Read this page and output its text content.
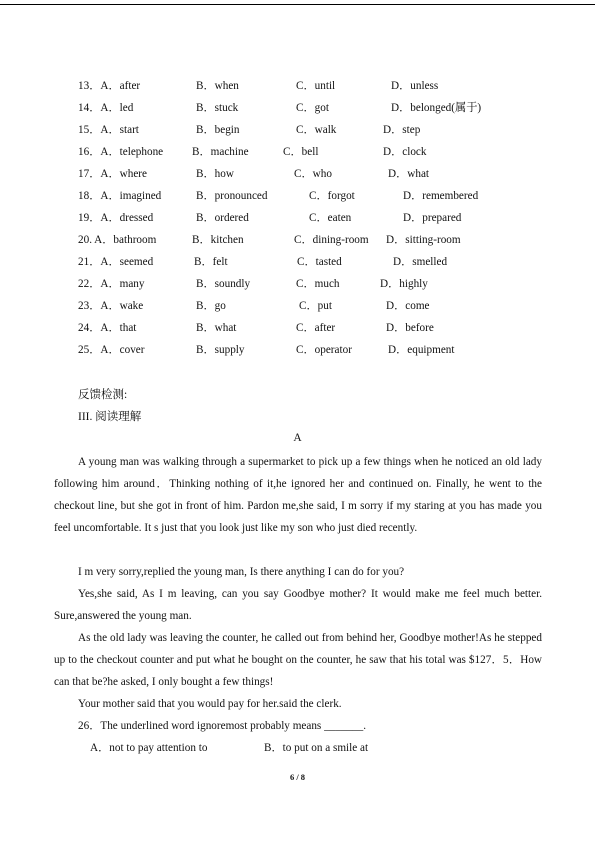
13．A．after	B．when	C．until	D．unless
14．A．led	B．stuck	C．got	D．belonged(属于)
15．A．start	B．begin	C．walk	D．step
16．A．telephone	B．machine	C．bell	D．clock
17．A．where	B．how	C．who	D．what
18．A．imagined	B．pronounced	C．forgot	D．remembered
19．A．dressed	B．ordered	C．eaten	D．prepared
20. A．bathroom	B．kitchen	C．dining-room D．sitting-room
21．A．seemed	B．felt	C．tasted	D．smelled
22．A．many	B．soundly	C．much	D．highly
23．A．wake	B．go	C．put	D．come
24．A．that	B．what	C．after	D．before
25．A．cover	B．supply	C．operator	D．equipment
反馈检测:
III. 阅读理解
A

A young man was walking through a supermarket to pick up a few things when he noticed an old lady following him around．Thinking nothing of it,he ignored her and continued on. Finally, he went to the checkout line, but she got in front of him. Pardon me,she said, I m sorry if my staring at you has made you feel uncomfortable. It s just that you look just like my son who just died recently.

I m very sorry,replied the young man, Is there anything I can do for you?

Yes,she said, As I m leaving, can you say Goodbye mother? It would make me feel much better. Sure,answered the young man.

As the old lady was leaving the counter, he called out from behind her, Goodbye mother!As he stepped up to the checkout counter and put what he bought on the counter, he saw that his total was $127．5．How can that be?he asked, I only bought a few things!

Your mother said that you would pay for her.said the clerk.

26．The underlined word ignoremost probably means _______.
A．not to pay attention to	B．to put on a smile at
6 / 8
